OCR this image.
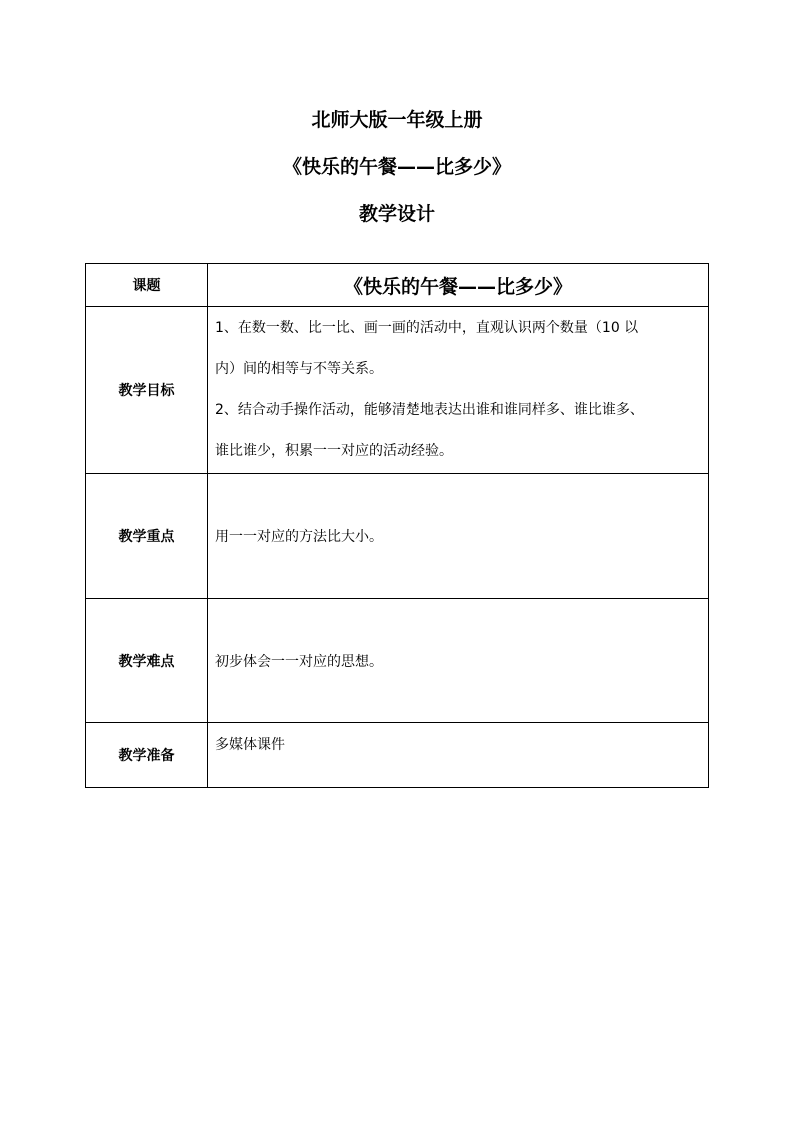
北师大版一年级上册
《快乐的午餐——比多少》
教学设计
课题	《快乐的午餐——比多少》
教学目标	1、在数一数、比一比、画一画的活动中，直观认识两个数量（10 以
内）间的相等与不等关系。
2、结合动手操作活动，能够清楚地表达出谁和谁同样多、谁比谁多、
谁比谁少，积累一一对应的活动经验。

教学重点	用一一对应的方法比大小。
教学难点	初步体会一一对应的思想。
教学准备	多媒体课件
